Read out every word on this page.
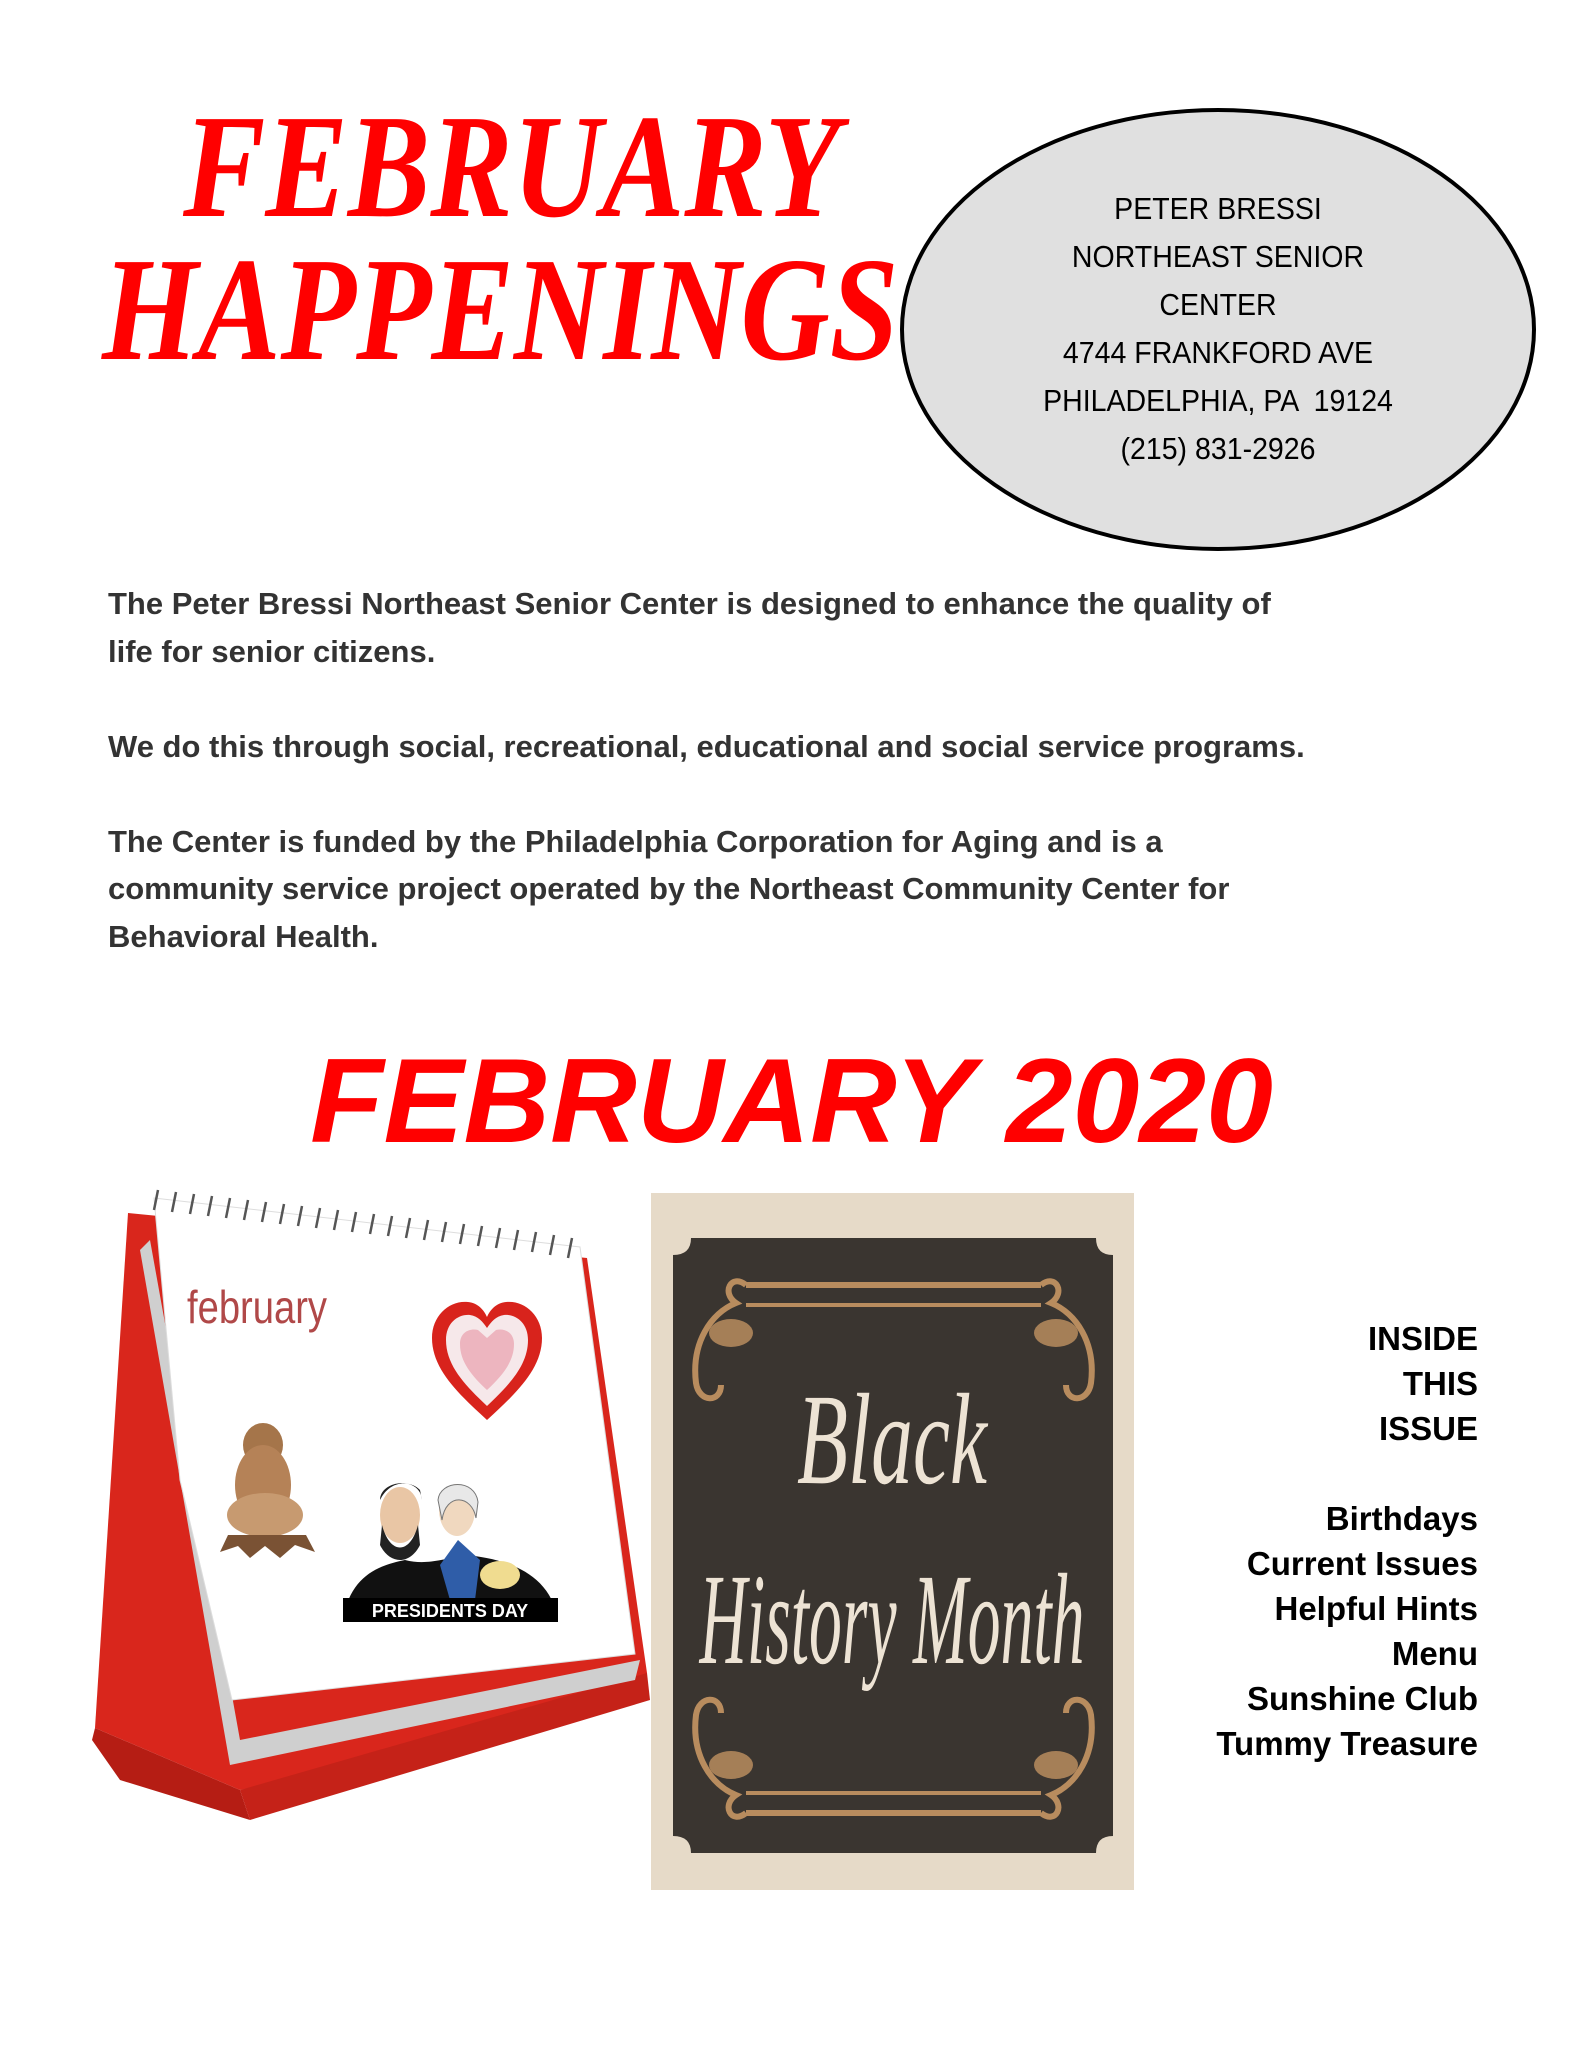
FEBRUARY
HAPPENINGS
PETER BRESSI
NORTHEAST SENIOR
CENTER
4744 FRANKFORD AVE
PHILADELPHIA, PA  19124
(215) 831-2926

The Peter Bressi Northeast Senior Center is designed to enhance the quality of
life for senior citizens.

We do this through social, recreational, educational and social service programs.

The Center is funded by the Philadelphia Corporation for Aging and is a
community service project operated by the Northeast Community Center for
Behavioral Health.

FEBRUARY 2020
february
PRESIDENTS DAY
Black
History Month
INSIDE
THIS
ISSUE
Birthdays
Current Issues
Helpful Hints
Menu
Sunshine Club
Tummy Treasure
